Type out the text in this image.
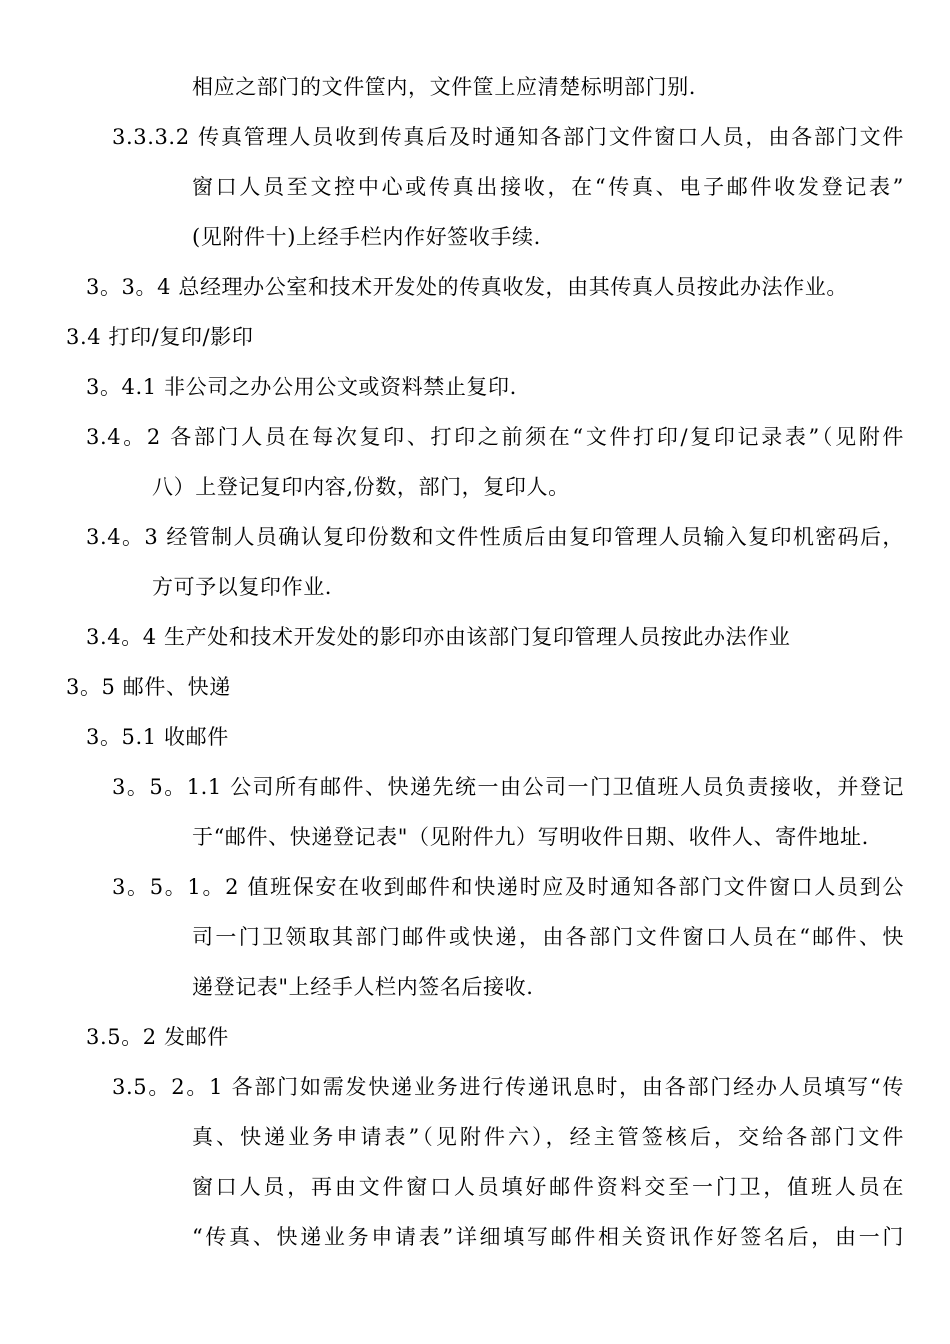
相应之部门的文件筐内，文件筐上应清楚标明部门别.
3.3.3.2 传真管理人员收到传真后及时通知各部门文件窗口人员，由各部门文件
窗口人员至文控中心或传真出接收，在“传真、电子邮件收发登记表”
(见附件十)上经手栏内作好签收手续.
3。3。4 总经理办公室和技术开发处的传真收发，由其传真人员按此办法作业。
3.4 打印/复印/影印
3。4.1 非公司之办公用公文或资料禁止复印.
3.4。2 各部门人员在每次复印、打印之前须在“文件打印/复印记录表”（见附件
八）上登记复印内容,份数，部门，复印人。
3.4。3 经管制人员确认复印份数和文件性质后由复印管理人员输入复印机密码后，
方可予以复印作业.
3.4。4 生产处和技术开发处的影印亦由该部门复印管理人员按此办法作业
3。5 邮件、快递
3。5.1 收邮件
3。5。1.1 公司所有邮件、快递先统一由公司一门卫值班人员负责接收，并登记
于“邮件、快递登记表"（见附件九）写明收件日期、收件人、寄件地址.
3。5。1。2 值班保安在收到邮件和快递时应及时通知各部门文件窗口人员到公
司一门卫领取其部门邮件或快递，由各部门文件窗口人员在“邮件、快
递登记表"上经手人栏内签名后接收.
3.5。2 发邮件
3.5。2。1 各部门如需发快递业务进行传递讯息时，由各部门经办人员填写“传
真、快递业务申请表”（见附件六），经主管签核后，交给各部门文件
窗口人员，再由文件窗口人员填好邮件资料交至一门卫，值班人员在
“传真、快递业务申请表”详细填写邮件相关资讯作好签名后，由一门
